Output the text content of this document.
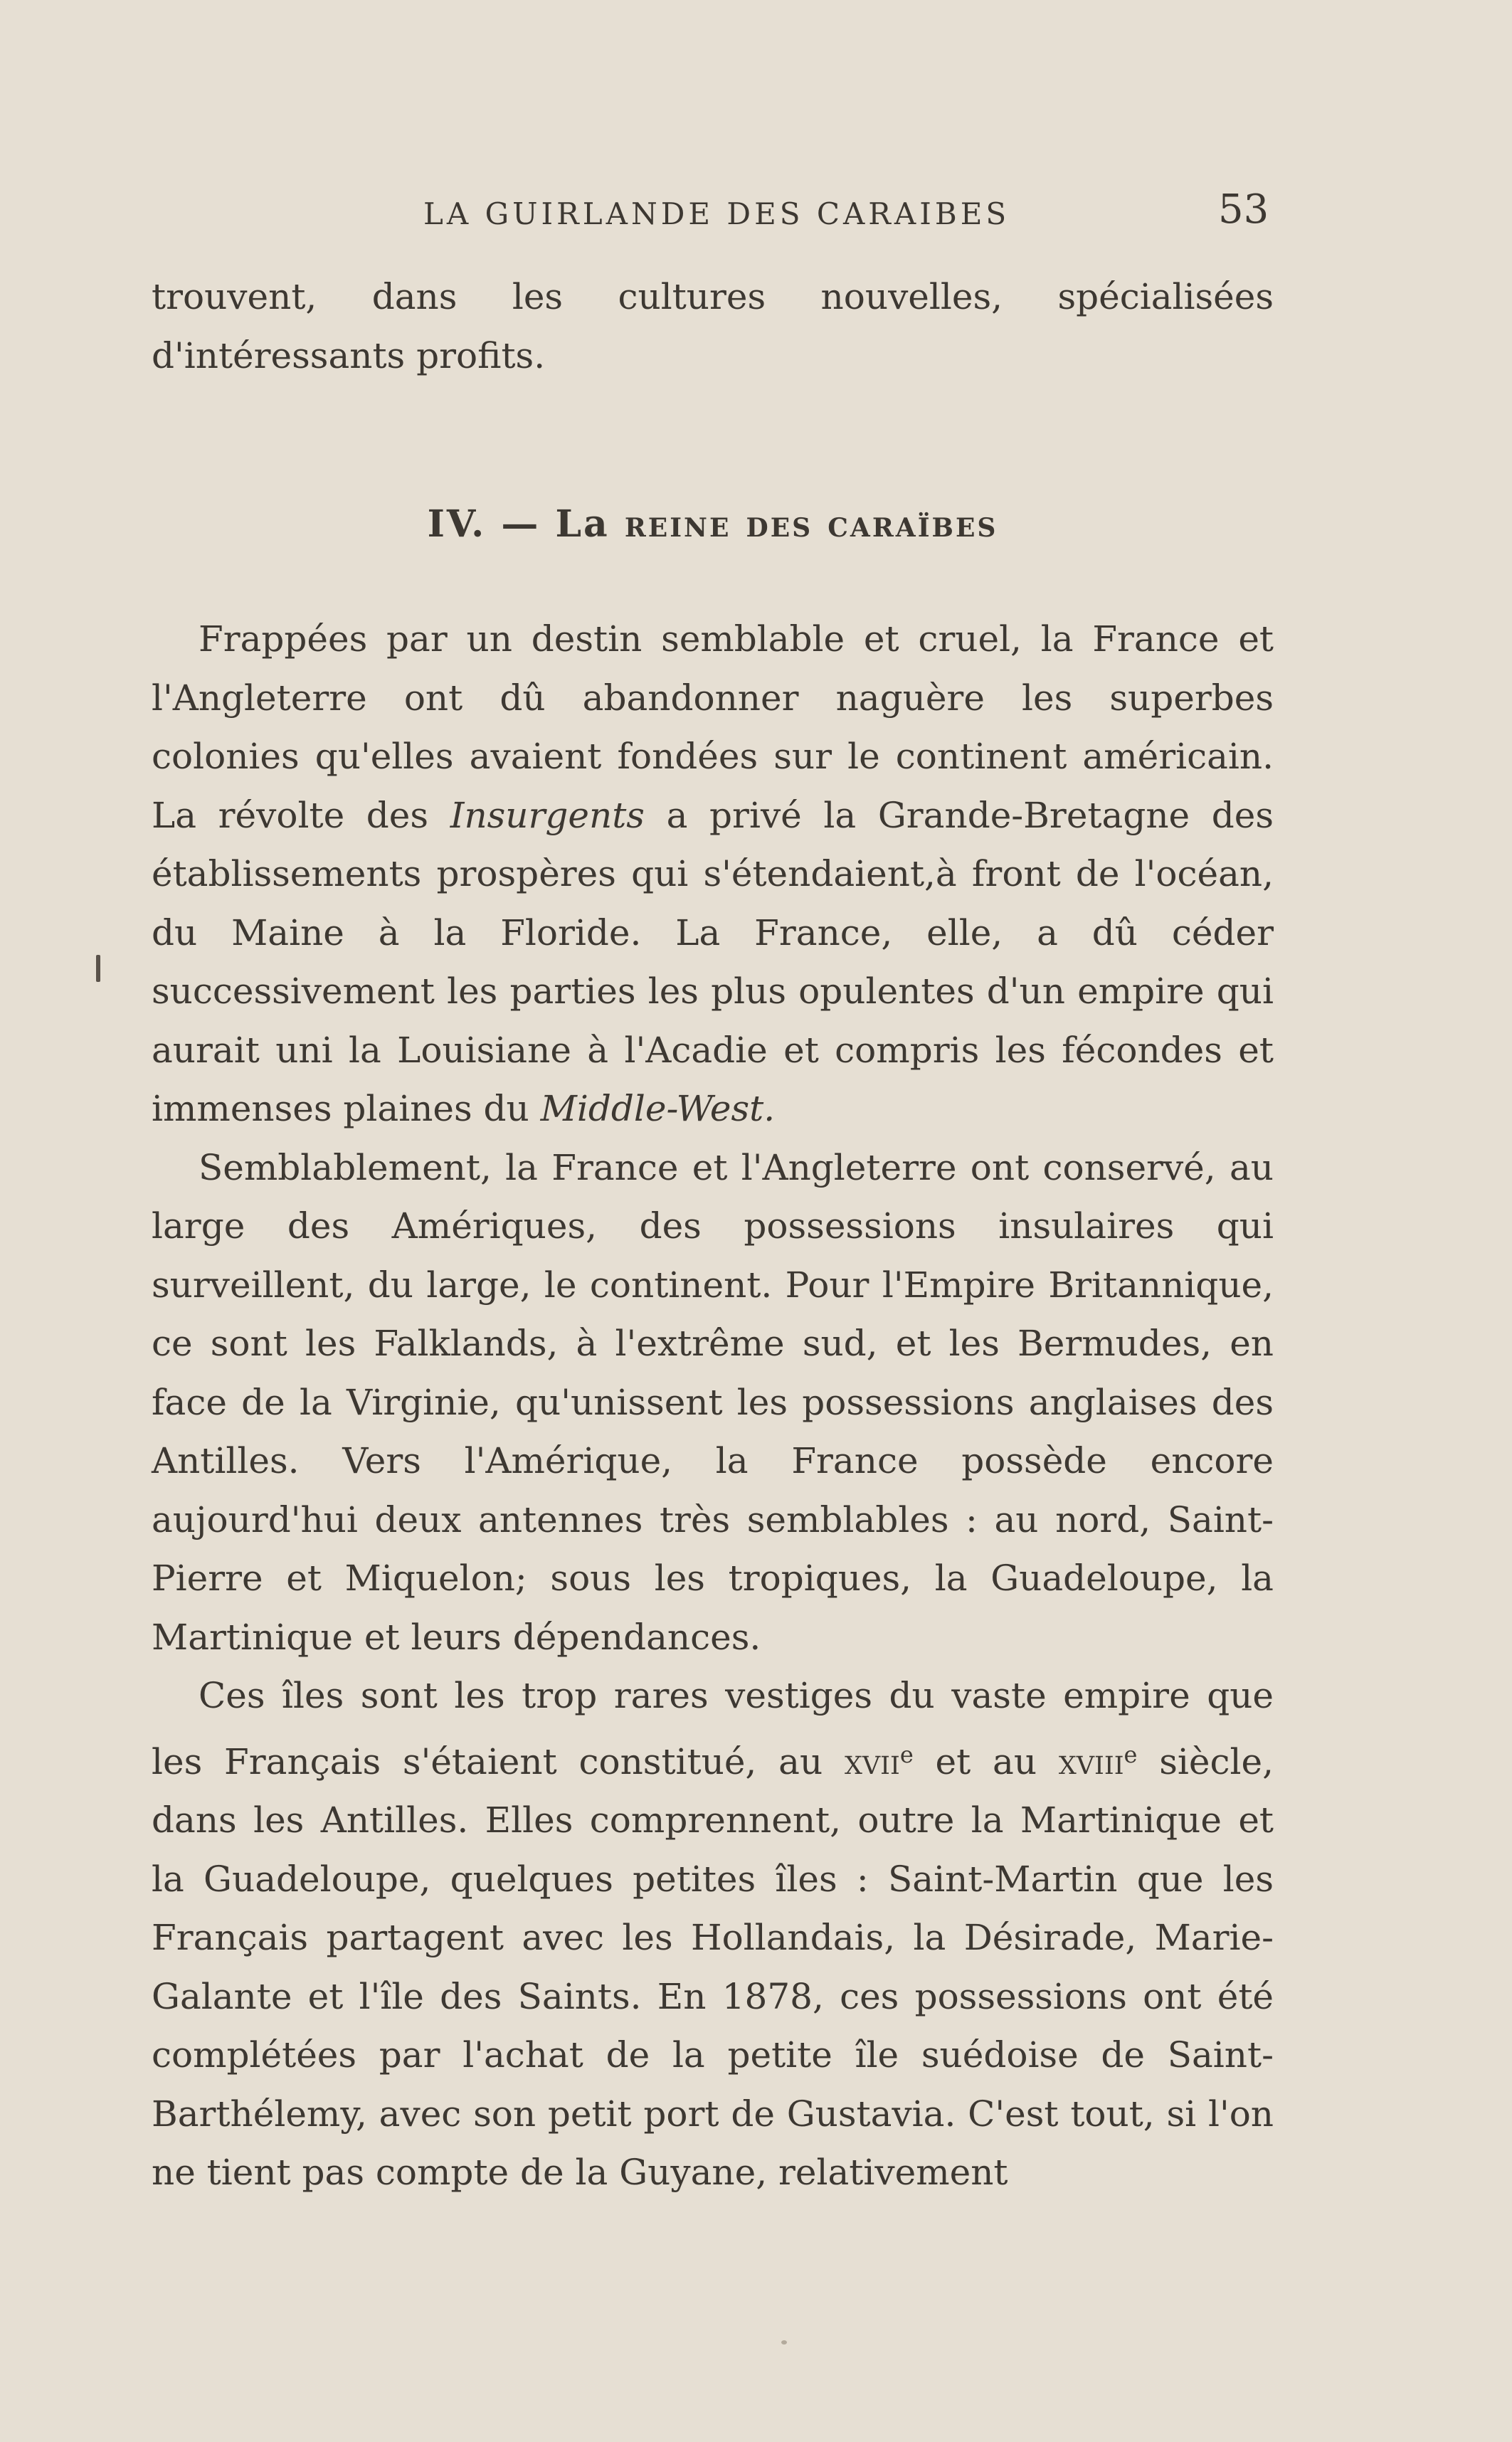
LA GUIRLANDE DES CARAIBES	53

trouvent, dans les cultures nouvelles, spécialisées d'intéressants profits.

IV. — La reine des caraïbes

Frappées par un destin semblable et cruel, la France et l'Angleterre ont dû abandonner naguère les superbes colonies qu'elles avaient fondées sur le continent américain. La révolte des Insurgents a privé la Grande-Bretagne des établissements prospères qui s'étendaient,à front de l'océan, du Maine à la Floride. La France, elle, a dû céder successivement les parties les plus opulentes d'un empire qui aurait uni la Louisiane à l'Acadie et compris les fécondes et immenses plaines du Middle-West.

Semblablement, la France et l'Angleterre ont conservé, au large des Amériques, des possessions insulaires qui surveillent, du large, le continent. Pour l'Empire Britannique, ce sont les Falklands, à l'extrême sud, et les Bermudes, en face de la Virginie, qu'unissent les possessions anglaises des Antilles. Vers l'Amérique, la France possède encore aujourd'hui deux antennes très semblables : au nord, Saint-Pierre et Miquelon; sous les tropiques, la Guadeloupe, la Martinique et leurs dépendances.

Ces îles sont les trop rares vestiges du vaste empire que les Français s'étaient constitué, au xvii$^e$ et au xviii$^e$ siècle, dans les Antilles. Elles comprennent, outre la Martinique et la Guadeloupe, quelques petites îles : Saint-Martin que les Français partagent avec les Hollandais, la Désirade, Marie-Galante et l'île des Saints. En 1878, ces possessions ont été complétées par l'achat de la petite île suédoise de Saint-Barthélemy, avec son petit port de Gustavia. C'est tout, si l'on ne tient pas compte de la Guyane, relativement
